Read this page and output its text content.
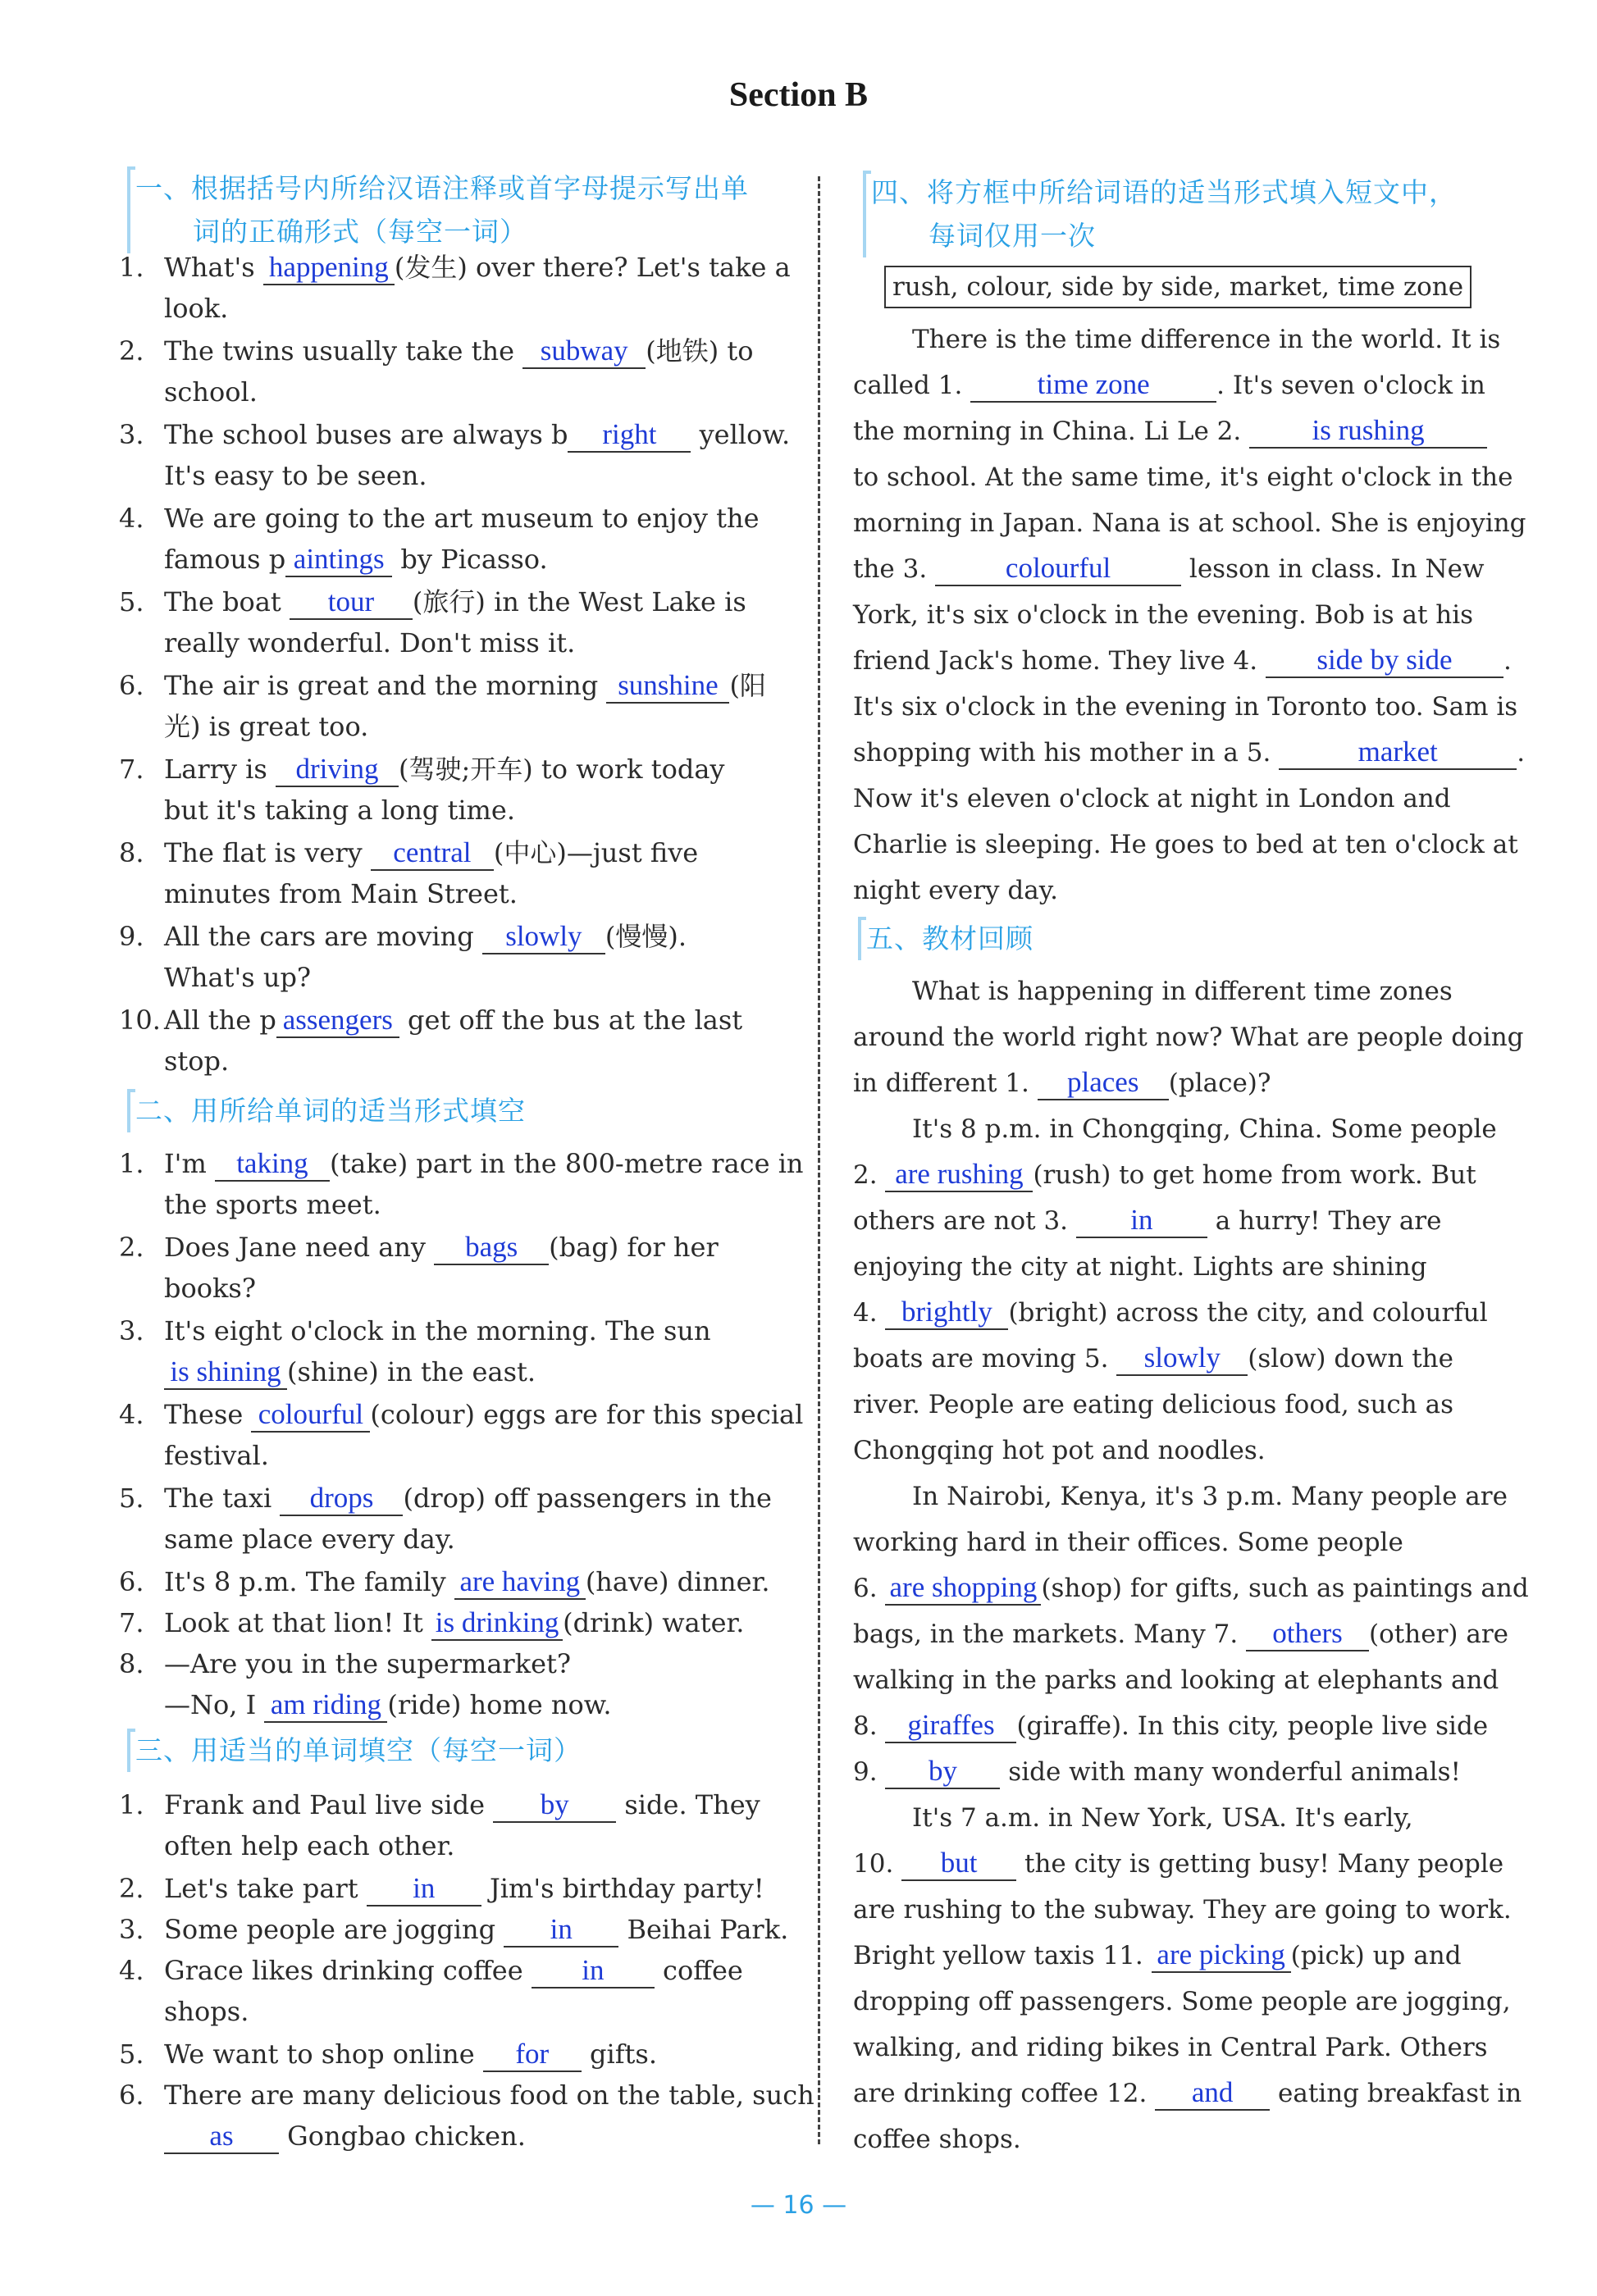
Section B
一、根据括号内所给汉语注释或首字母提示写出单
词的正确形式（每空一词）
1. What's happening (发生) over there? Let's take a
look.
2. The twins usually take the subway (地铁) to
school.
3. The school buses are always b right yellow.
It's easy to be seen.
4. We are going to the art museum to enjoy the
famous p aintings by Picasso.
5. The boat tour (旅行) in the West Lake is
really wonderful. Don't miss it.
6. The air is great and the morning sunshine (阳
光) is great too.
7. Larry is driving (驾驶;开车) to work today
but it's taking a long time.
8. The flat is very central (中心)—just five
minutes from Main Street.
9. All the cars are moving slowly (慢慢).
What's up?
10. All the p assengers get off the bus at the last
stop.
二、用所给单词的适当形式填空
1. I'm taking (take) part in the 800-metre race in
the sports meet.
2. Does Jane need any bags (bag) for her
books?
3. It's eight o'clock in the morning. The sun
is shining (shine) in the east.
4. These colourful (colour) eggs are for this special
festival.
5. The taxi drops (drop) off passengers in the
same place every day.
6. It's 8 p.m. The family are having (have) dinner.
7. Look at that lion! It is drinking (drink) water.
8. —Are you in the supermarket?
—No, I am riding (ride) home now.
三、用适当的单词填空（每空一词）
1. Frank and Paul live side by side. They
often help each other.
2. Let's take part in Jim's birthday party!
3. Some people are jogging in Beihai Park.
4. Grace likes drinking coffee in coffee
shops.
5. We want to shop online for gifts.
6. There are many delicious food on the table, such
as Gongbao chicken.
四、将方框中所给词语的适当形式填入短文中，
每词仅用一次
rush, colour, side by side, market, time zone
There is the time difference in the world. It is
called 1. time zone	. It's seven o'clock in
the morning in China. Li Le 2. is rushing
to school. At the same time, it's eight o'clock in the
morning in Japan. Nana is at school. She is enjoying
the 3. colourful	lesson in class. In New
York, it's six o'clock in the evening. Bob is at his
friend Jack's home. They live 4. side by side .
It's six o'clock in the evening in Toronto too. Sam is
shopping with his mother in a 5.	market	.
Now it's eleven o'clock at night in London and
Charlie is sleeping. He goes to bed at ten o'clock at
night every day.
五、教材回顾
What is happening in different time zones
around the world right now? What are people doing
in different 1. places (place)?
It's 8 p.m. in Chongqing, China. Some people
2. are rushing (rush) to get home from work. But
others are not 3. in a hurry! They are
enjoying the city at night. Lights are shining
4. brightly (bright) across the city, and colourful
boats are moving 5. slowly (slow) down the
river. People are eating delicious food, such as
Chongqing hot pot and noodles.
In Nairobi, Kenya, it's 3 p.m. Many people are
working hard in their offices. Some people
6. are shopping (shop) for gifts, such as paintings and
bags, in the markets. Many 7. others (other) are
walking in the parks and looking at elephants and
8. giraffes (giraffe). In this city, people live side
9. by side with many wonderful animals!
It's 7 a.m. in New York, USA. It's early,
10. but the city is getting busy! Many people
are rushing to the subway. They are going to work.
Bright yellow taxis 11. are picking (pick) up and
dropping off passengers. Some people are jogging,
walking, and riding bikes in Central Park. Others
are drinking coffee 12. and eating breakfast in
coffee shops.
— 16 —
